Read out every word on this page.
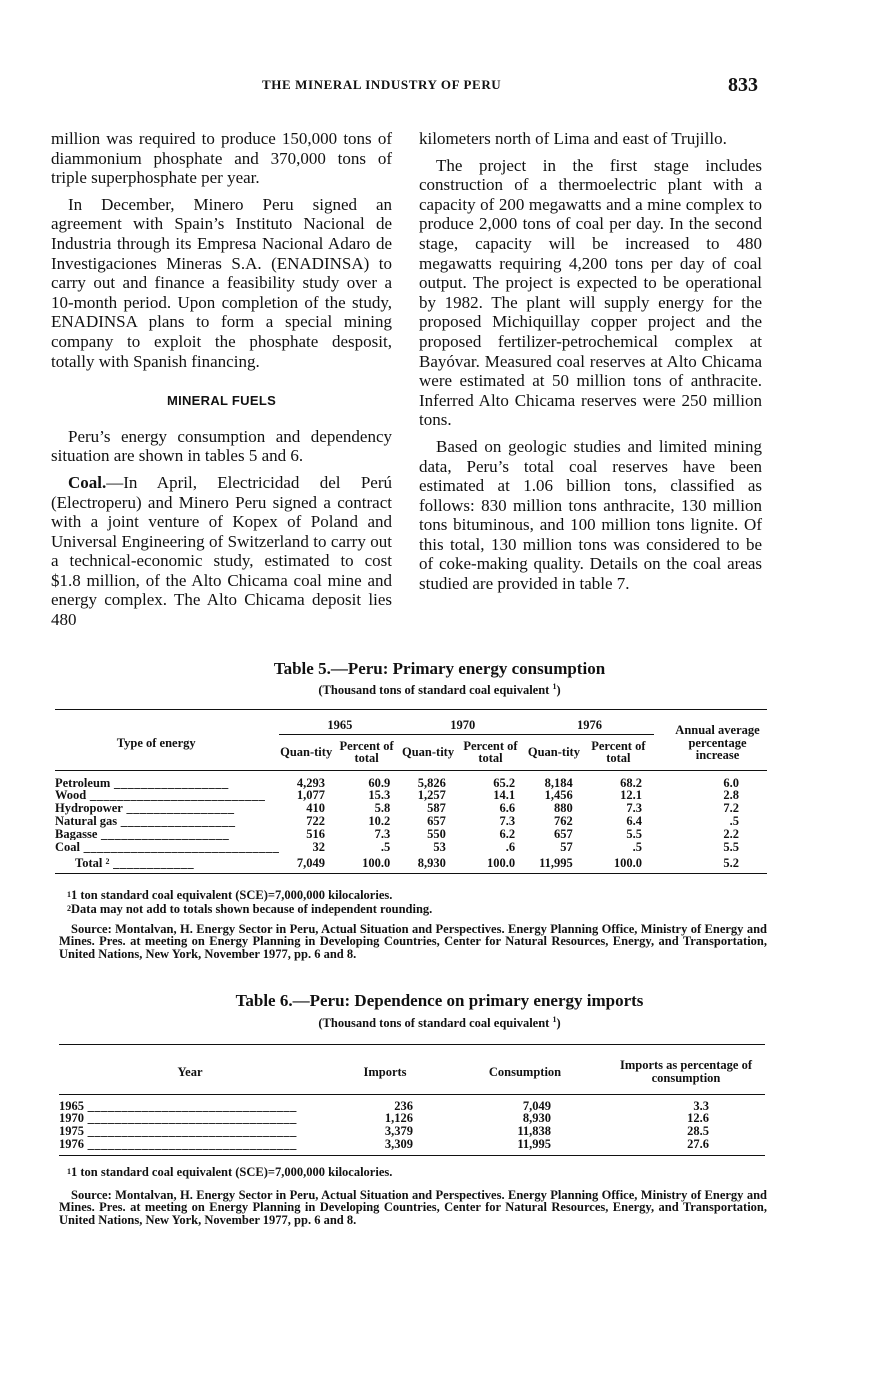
THE MINERAL INDUSTRY OF PERU	833

million was required to produce 150,000 tons of diammonium phosphate and 370,000 tons of triple superphosphate per year.

In December, Minero Peru signed an agreement with Spain’s Instituto Nacional de Industria through its Empresa Nacional Adaro de Investigaciones Mineras S.A. (ENADINSA) to carry out and finance a feasibility study over a 10-month period. Upon completion of the study, ENADINSA plans to form a special mining company to exploit the phosphate desposit, totally with Spanish financing.

MINERAL FUELS

Peru’s energy consumption and dependency situation are shown in tables 5 and 6.

Coal.—In April, Electricidad del Perú (Electroperu) and Minero Peru signed a contract with a joint venture of Kopex of Poland and Universal Engineering of Switzerland to carry out a technical-economic study, estimated to cost $1.8 million, of the Alto Chicama coal mine and energy complex. The Alto Chicama deposit lies 480

kilometers north of Lima and east of Trujillo.

The project in the first stage includes construction of a thermoelectric plant with a capacity of 200 megawatts and a mine complex to produce 2,000 tons of coal per day. In the second stage, capacity will be increased to 480 megawatts requiring 4,200 tons per day of coal output. The project is expected to be operational by 1982. The plant will supply energy for the proposed Michiquillay copper project and the proposed fertilizer-petrochemical complex at Bayóvar. Measured coal reserves at Alto Chicama were estimated at 50 million tons of anthracite. Inferred Alto Chicama reserves were 250 million tons.

Based on geologic studies and limited mining data, Peru’s total coal reserves have been estimated at 1.06 billion tons, classified as follows: 830 million tons anthracite, 130 million tons bituminous, and 100 million tons lignite. Of this total, 130 million tons was considered to be of coke-making quality. Details on the coal areas studied are provided in table 7.

Table 5.—Peru: Primary energy consumption
(Thousand tons of standard coal equivalent $^1$)
Type of energy	1965		1970		1976		Annual average percentage increase
	Quan-tity	Percent of total	Quan-tity	Percent of total	Quan-tity	Percent of total	

Petroleum _________________	4,293	60.9	5,826	65.2	8,184	68.2	6.0
Wood __________________________	1,077	15.3	1,257	14.1	1,456	12.1	2.8
Hydropower ________________	410	5.8	587	6.6	880	7.3	7.2
Natural gas _________________	722	10.2	657	7.3	762	6.4	.5
Bagasse ___________________	516	7.3	550	6.2	657	5.5	2.2
Coal _____________________________	32	.5	53	.6	57	.5	5.5

Total $^2$ ____________	7,049	100.0	8,930	100.0	11,995	100.0	5.2

$^1$1 ton standard coal equivalent (SCE)=7,000,000 kilocalories.
$^2$Data may not add to totals shown because of independent rounding.
Source: Montalvan, H. Energy Sector in Peru, Actual Situation and Perspectives. Energy Planning Office, Ministry of Energy and Mines. Pres. at meeting on Energy Planning in Developing Countries, Center for Natural Resources, Energy, and Transportation, United Nations, New York, November 1977, pp. 6 and 8.
Table 6.—Peru: Dependence on primary energy imports
(Thousand tons of standard coal equivalent $^1$)
Year	Imports	Consumption	Imports as percentage of consumption

1965 _______________________________	236	7,049	3.3
1970 _______________________________	1,126	8,930	12.6
1975 _______________________________	3,379	11,838	28.5
1976 _______________________________	3,309	11,995	27.6

$^1$1 ton standard coal equivalent (SCE)=7,000,000 kilocalories.
Source: Montalvan, H. Energy Sector in Peru, Actual Situation and Perspectives. Energy Planning Office, Ministry of Energy and Mines. Pres. at meeting on Energy Planning in Developing Countries, Center for Natural Resources, Energy, and Transportation, United Nations, New York, November 1977, pp. 6 and 8.
